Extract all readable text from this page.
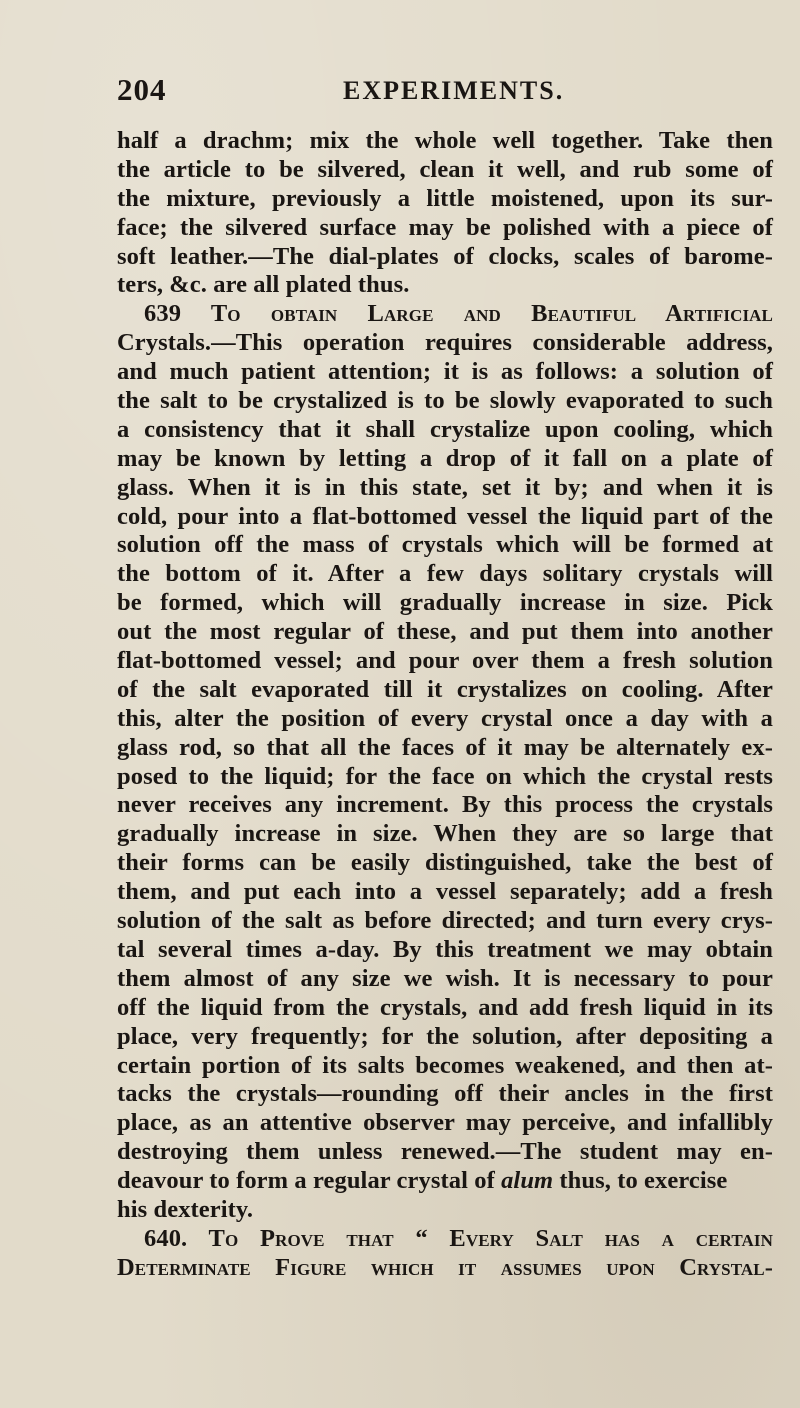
204	EXPERIMENTS.
half a drachm; mix the whole well together. Take then
the article to be silvered, clean it well, and rub some of
the mixture, previously a little moistened, upon its sur-
face; the silvered surface may be polished with a piece of
soft leather.—The dial-plates of clocks, scales of barome-
ters, &c. are all plated thus.
639 To obtain Large and Beautiful Artificial
Crystals.—This operation requires considerable address,
and much patient attention; it is as follows: a solution of
the salt to be crystalized is to be slowly evaporated to such
a consistency that it shall crystalize upon cooling, which
may be known by letting a drop of it fall on a plate of
glass. When it is in this state, set it by; and when it is
cold, pour into a flat-bottomed vessel the liquid part of the
solution off the mass of crystals which will be formed at
the bottom of it. After a few days solitary crystals will
be formed, which will gradually increase in size. Pick
out the most regular of these, and put them into another
flat-bottomed vessel; and pour over them a fresh solution
of the salt evaporated till it crystalizes on cooling. After
this, alter the position of every crystal once a day with a
glass rod, so that all the faces of it may be alternately ex-
posed to the liquid; for the face on which the crystal rests
never receives any increment. By this process the crystals
gradually increase in size. When they are so large that
their forms can be easily distinguished, take the best of
them, and put each into a vessel separately; add a fresh
solution of the salt as before directed; and turn every crys-
tal several times a-day. By this treatment we may obtain
them almost of any size we wish. It is necessary to pour
off the liquid from the crystals, and add fresh liquid in its
place, very frequently; for the solution, after depositing a
certain portion of its salts becomes weakened, and then at-
tacks the crystals—rounding off their ancles in the first
place, as an attentive observer may perceive, and infallibly
destroying them unless renewed.—The student may en-
deavour to form a regular crystal of alum thus, to exercise
his dexterity.
640. To Prove that “ Every Salt has a certain
Determinate Figure which it assumes upon Crystal-
